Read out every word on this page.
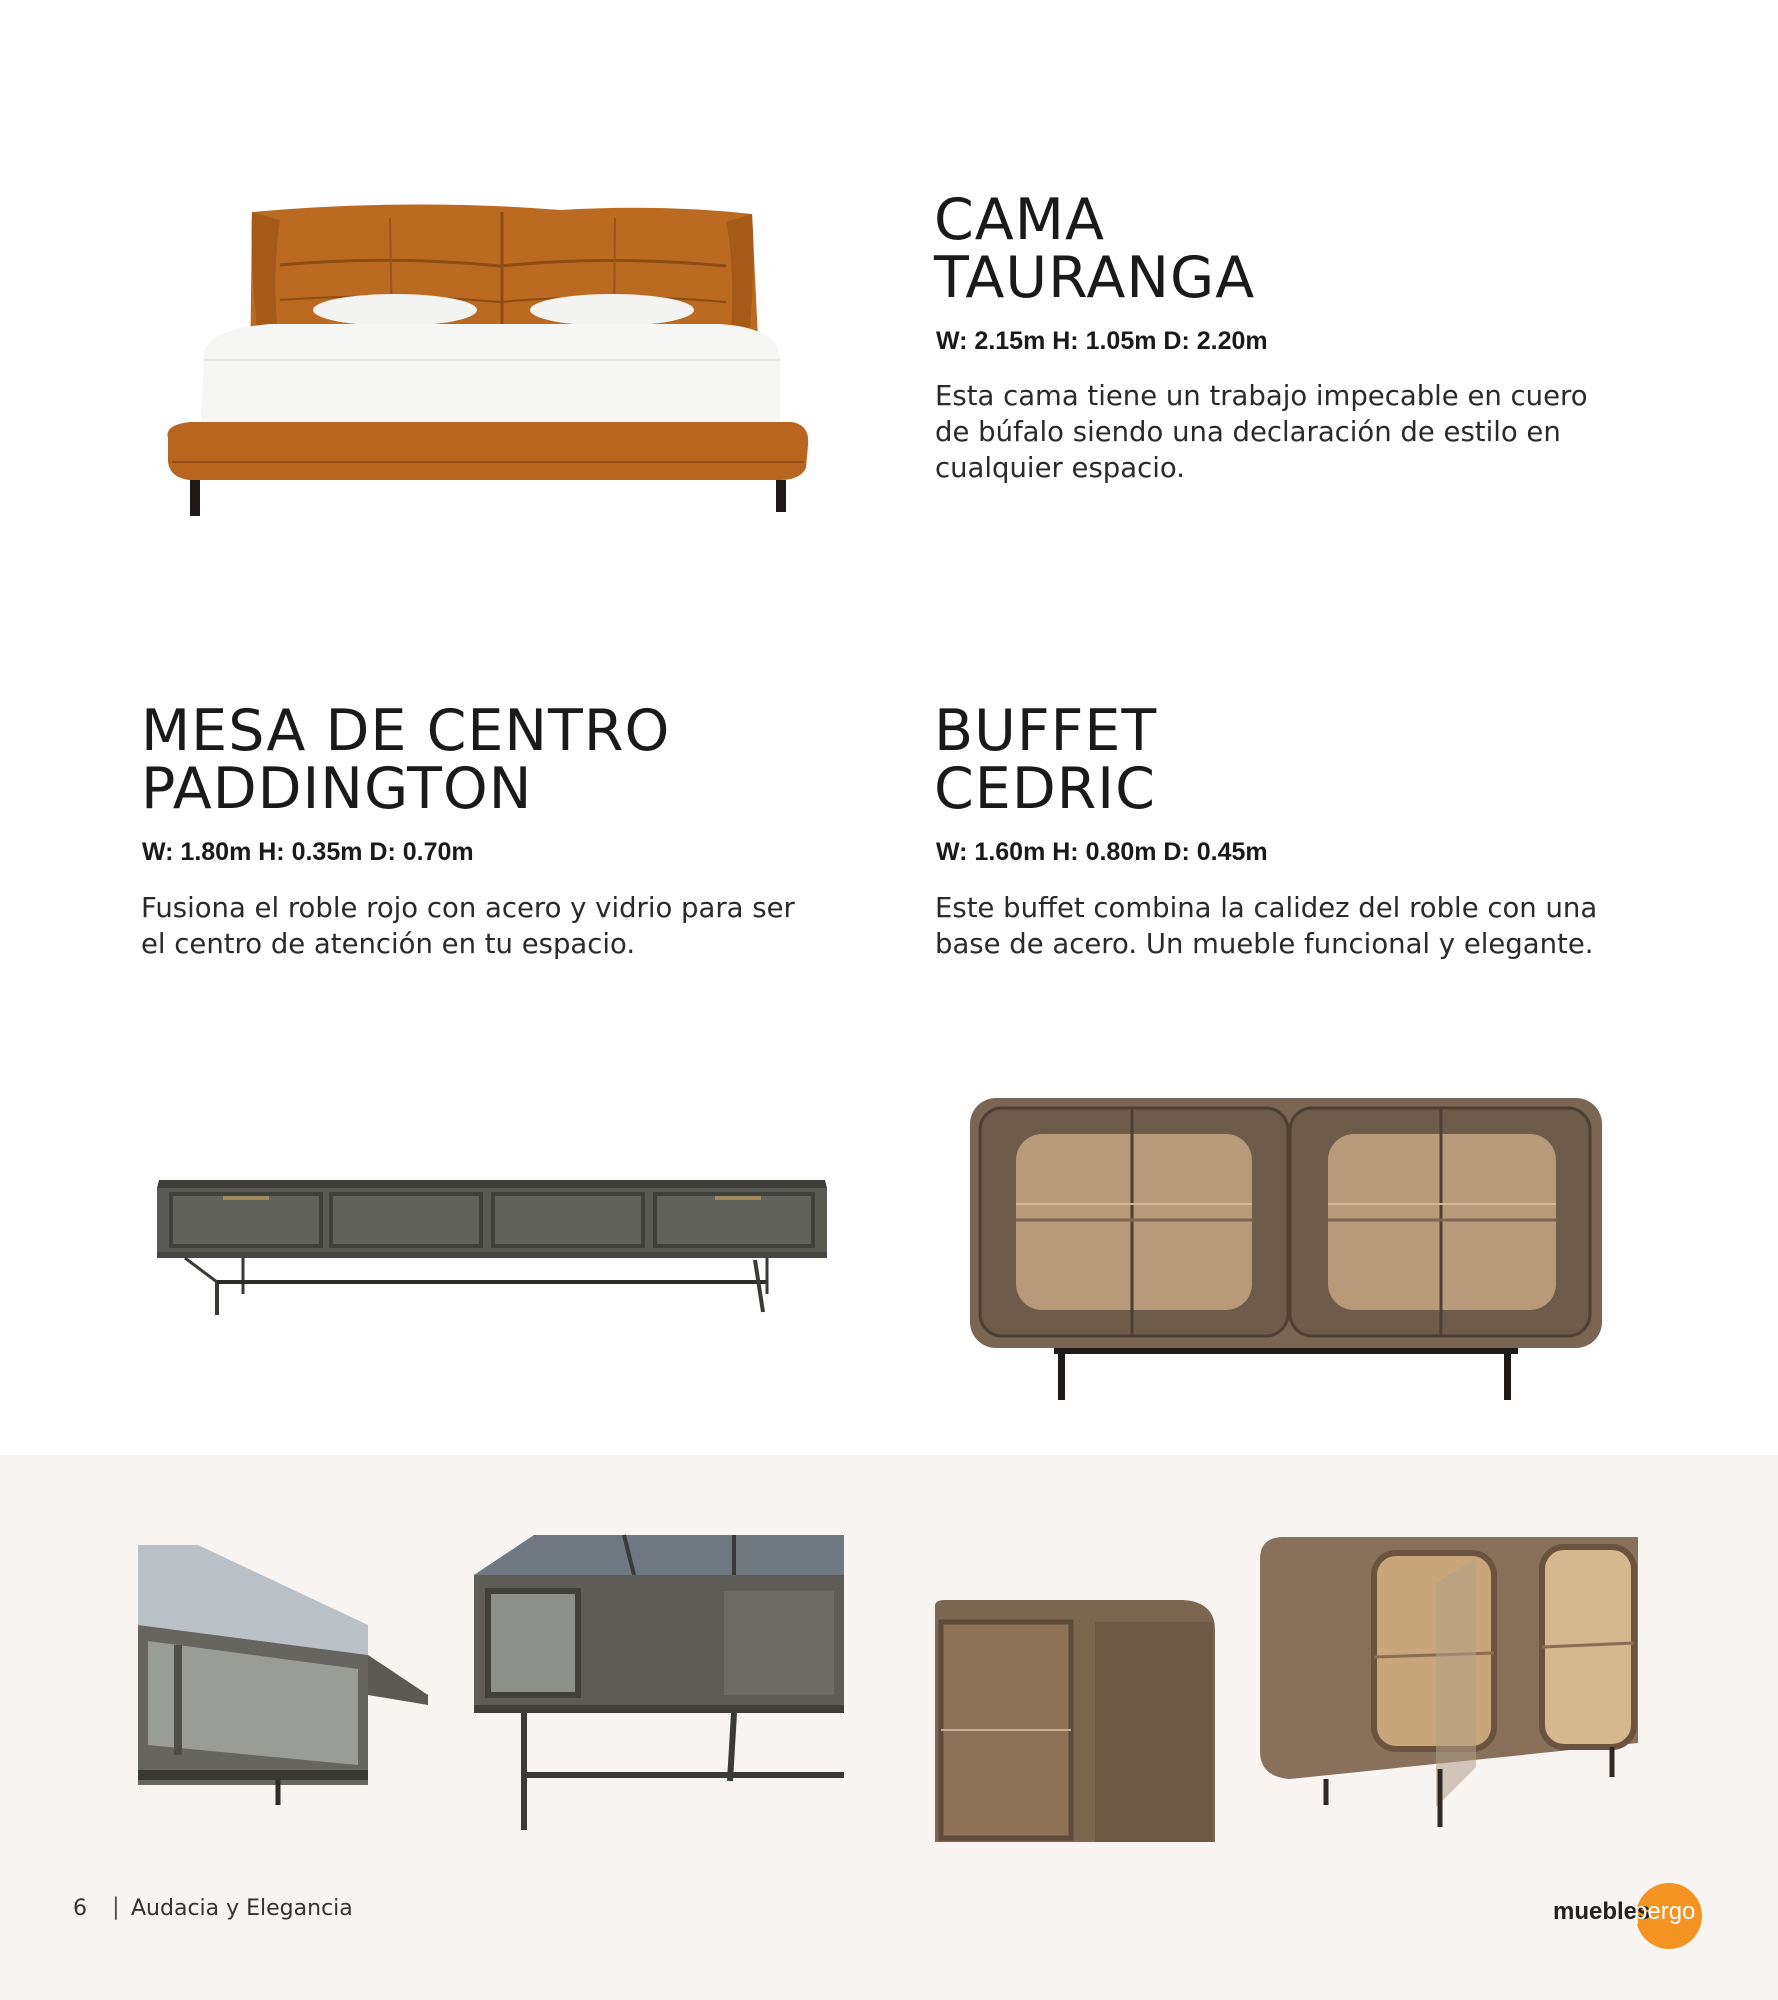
CAMA
TAURANGA
W: 2.15m H: 1.05m D: 2.20m
Esta cama tiene un trabajo impecable en cuero
de búfalo siendo una declaración de estilo en
cualquier espacio.
MESA DE CENTRO
PADDINGTON
W: 1.80m H: 0.35m D: 0.70m
Fusiona el roble rojo con acero y vidrio para ser
el centro de atención en tu espacio.
BUFFET
CEDRIC
W: 1.60m H: 0.80m D: 0.45m
Este buffet combina la calidez del roble con una
base de acero. Un mueble funcional y elegante.
6 | Audacia y Elegancia	muebles
pergo
